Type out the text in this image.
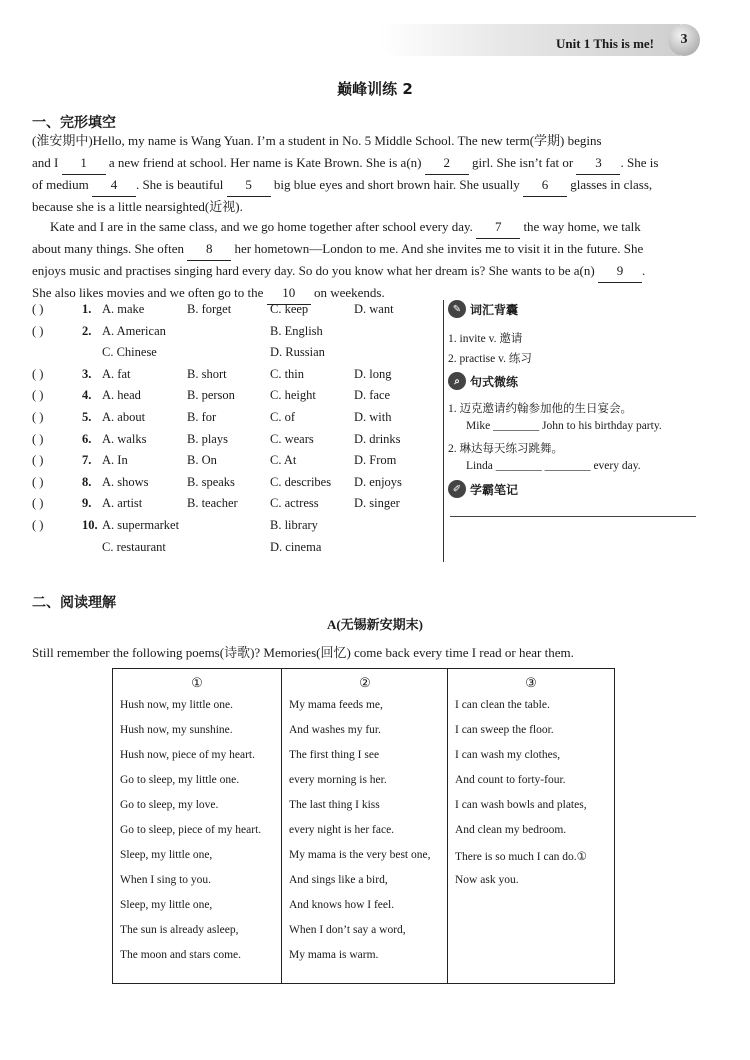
Unit 1 This is me!	3
巅峰训练 2
一、完形填空
(淮安期中)Hello, my name is Wang Yuan. I’m a student in No. 5 Middle School. The new term(学期) begins
and I 1 a new friend at school. Her name is Kate Brown. She is a(n) 2 girl. She isn’t fat or 3 . She is
of medium 4 . She is beautiful 5 big blue eyes and short brown hair. She usually 6 glasses in class,
because she is a little nearsighted(近视).
Kate and I are in the same class, and we go home together after school every day. 7 the way home, we talk
about many things. She often 8 her hometown—London to me. And she invites me to visit it in the future. She
enjoys music and practises singing hard every day. So do you know what her dream is? She wants to be a(n) 9 .
She also likes movies and we often go to the 10 on weekends.
( )	1. A. make	B. forget	C. keep	D. want
( )	2. A. American	B. English
C. Chinese	D. Russian
( )	3. A. fat	B. short	C. thin	D. long
( )	4. A. head	B. person	C. height	D. face
( )	5. A. about	B. for	C. of	D. with
( )	6. A. walks	B. plays	C. wears	D. drinks
( )	7. A. In	B. On	C. At	D. From
( )	8. A. shows	B. speaks	C. describes D. enjoys
( )	9. A. artist	B. teacher	C. actress	D. singer
( )	10. A. supermarket	B. library
C. restaurant	D. cinema
✎ 词汇背囊
1. invite v. 邀请
2. practise v. 练习
⌕ 句式微练
1. 迈克邀请约翰参加他的生日宴会。
Mike ________ John to his birthday party.
2. 琳达每天练习跳舞。
Linda ________ ________ every day.
✐ 学霸笔记
二、阅读理解
A(无锡新安期末)
Still remember the following poems(诗歌)? Memories(回忆) come back every time I read or hear them.
①
Hush now, my little one.
Hush now, my sunshine.
Hush now, piece of my heart.
Go to sleep, my little one.
Go to sleep, my love.
Go to sleep, piece of my heart.
Sleep, my little one,
When I sing to you.
Sleep, my little one,
The sun is already asleep,
The moon and stars come.
②
My mama feeds me,
And washes my fur.
The first thing I see
every morning is her.
The last thing I kiss
every night is her face.
My mama is the very best one,
And sings like a bird,
And knows how I feel.
When I don’t say a word,
My mama is warm.
③
I can clean the table.
I can sweep the floor.
I can wash my clothes,
And count to forty-four.
I can wash bowls and plates,
And clean my bedroom.
There is so much I can do.①
Now ask you.
